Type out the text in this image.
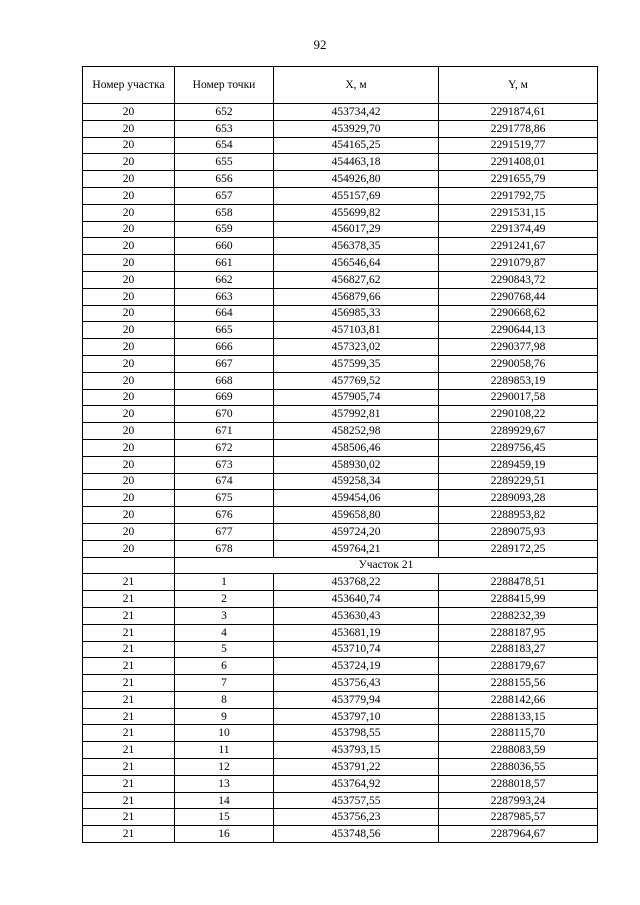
92
Номер участка	Номер точки	X, м	Y, м
20	652	453734,42	2291874,61
20	653	453929,70	2291778,86
20	654	454165,25	2291519,77
20	655	454463,18	2291408,01
20	656	454926,80	2291655,79
20	657	455157,69	2291792,75
20	658	455699,82	2291531,15
20	659	456017,29	2291374,49
20	660	456378,35	2291241,67
20	661	456546,64	2291079,87
20	662	456827,62	2290843,72
20	663	456879,66	2290768,44
20	664	456985,33	2290668,62
20	665	457103,81	2290644,13
20	666	457323,02	2290377,98
20	667	457599,35	2290058,76
20	668	457769,52	2289853,19
20	669	457905,74	2290017,58
20	670	457992,81	2290108,22
20	671	458252,98	2289929,67
20	672	458506,46	2289756,45
20	673	458930,02	2289459,19
20	674	459258,34	2289229,51
20	675	459454,06	2289093,28
20	676	459658,80	2288953,82
20	677	459724,20	2289075,93
20	678	459764,21	2289172,25
	Участок 21		
21	1	453768,22	2288478,51
21	2	453640,74	2288415,99
21	3	453630,43	2288232,39
21	4	453681,19	2288187,95
21	5	453710,74	2288183,27
21	6	453724,19	2288179,67
21	7	453756,43	2288155,56
21	8	453779,94	2288142,66
21	9	453797,10	2288133,15
21	10	453798,55	2288115,70
21	11	453793,15	2288083,59
21	12	453791,22	2288036,55
21	13	453764,92	2288018,57
21	14	453757,55	2287993,24
21	15	453756,23	2287985,57
21	16	453748,56	2287964,67
